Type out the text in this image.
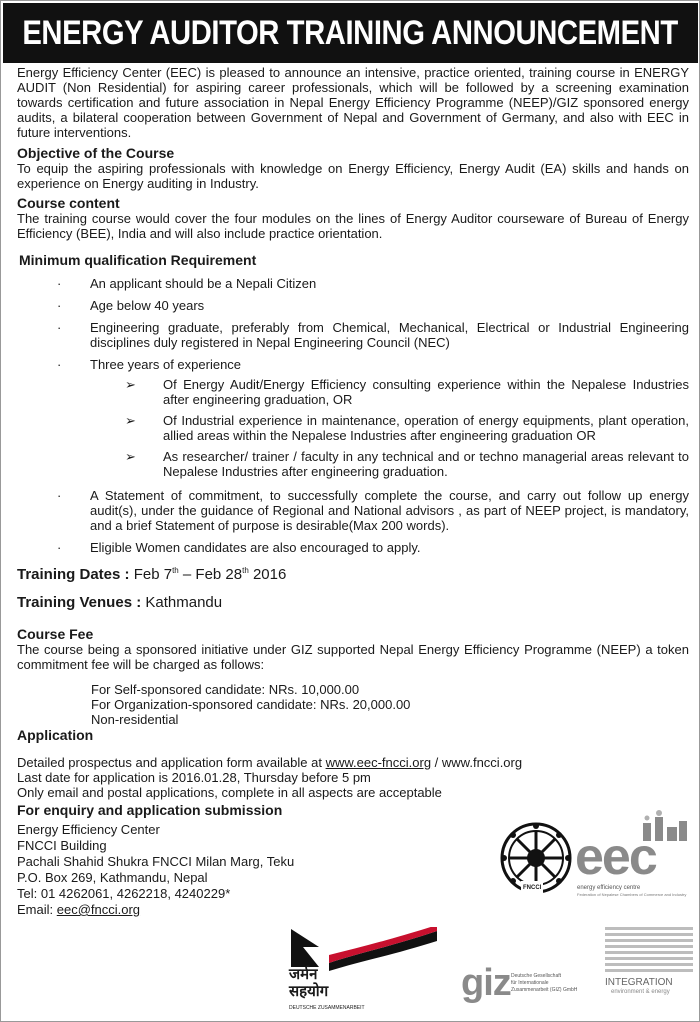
ENERGY AUDITOR TRAINING ANNOUNCEMENT

Energy Efficiency Center (EEC) is pleased to announce an intensive, practice oriented, training course in ENERGY AUDIT (Non Residential) for aspiring career professionals, which will be followed by a screening examination towards certification and future association in Nepal Energy Efficiency Programme (NEEP)/GIZ sponsored energy audits, a bilateral cooperation between Government of Nepal and Government of Germany, and also with EEC in future interventions.

Objective of the Course

To equip the aspiring professionals with knowledge on Energy Efficiency, Energy Audit (EA) skills and hands on experience on Energy auditing in Industry.

Course content

The training course would cover the four modules on the lines of Energy Auditor courseware of Bureau of Energy Efficiency (BEE), India and will also include practice orientation.

Minimum qualification Requirement
· An applicant should be a Nepali Citizen
· Age below 40 years
· Engineering graduate, preferably from Chemical, Mechanical, Electrical or Industrial Engineering disciplines duly registered in Nepal Engineering Council (NEC)
· Three years of experience
➢ Of Energy Audit/Energy Efficiency consulting experience within the Nepalese Industries after engineering graduation, OR
➢ Of Industrial experience in maintenance, operation of energy equipments, plant operation, allied areas within the Nepalese Industries after engineering graduation OR
➢ As researcher/ trainer / faculty in any technical and or techno managerial areas relevant to Nepalese Industries after engineering graduation.
· A Statement of commitment, to successfully complete the course, and carry out follow up energy audit(s), under the guidance of Regional and National advisors , as part of NEEP project, is mandatory, and a brief Statement of purpose is desirable(Max 200 words).
· Eligible Women candidates are also encouraged to apply.
Training Dates : Feb 7th – Feb 28th 2016
Training Venues : Kathmandu
Course Fee

The course being a sponsored initiative under GIZ supported Nepal Energy Efficiency Programme (NEEP) a token commitment fee will be charged as follows:

For Self-sponsored candidate: NRs. 10,000.00
For Organization-sponsored candidate: NRs. 20,000.00
Non-residential
Application
Detailed prospectus and application form available at www.eec-fncci.org / www.fncci.org
Last date for application is 2016.01.28, Thursday before 5 pm
Only email and postal applications, complete in all aspects are acceptable
For enquiry and application submission
Energy Efficiency Center
FNCCI Building
Pachali Shahid Shukra FNCCI Milan Marg, Teku
P.O. Box 269, Kathmandu, Nepal
Tel: 01 4262061, 4262218, 4240229*
Email: eec@fncci.org
FNCCI
eec
energy efficiency centre
Federation of Nepalese Chambers of Commerce and Industry
जर्मन
सहयोग
DEUTSCHE ZUSAMMENARBEIT
giz Deutsche Gesellschaft
für Internationale
Zusammenarbeit (GIZ) GmbH
INTEGRATION
environment & energy
